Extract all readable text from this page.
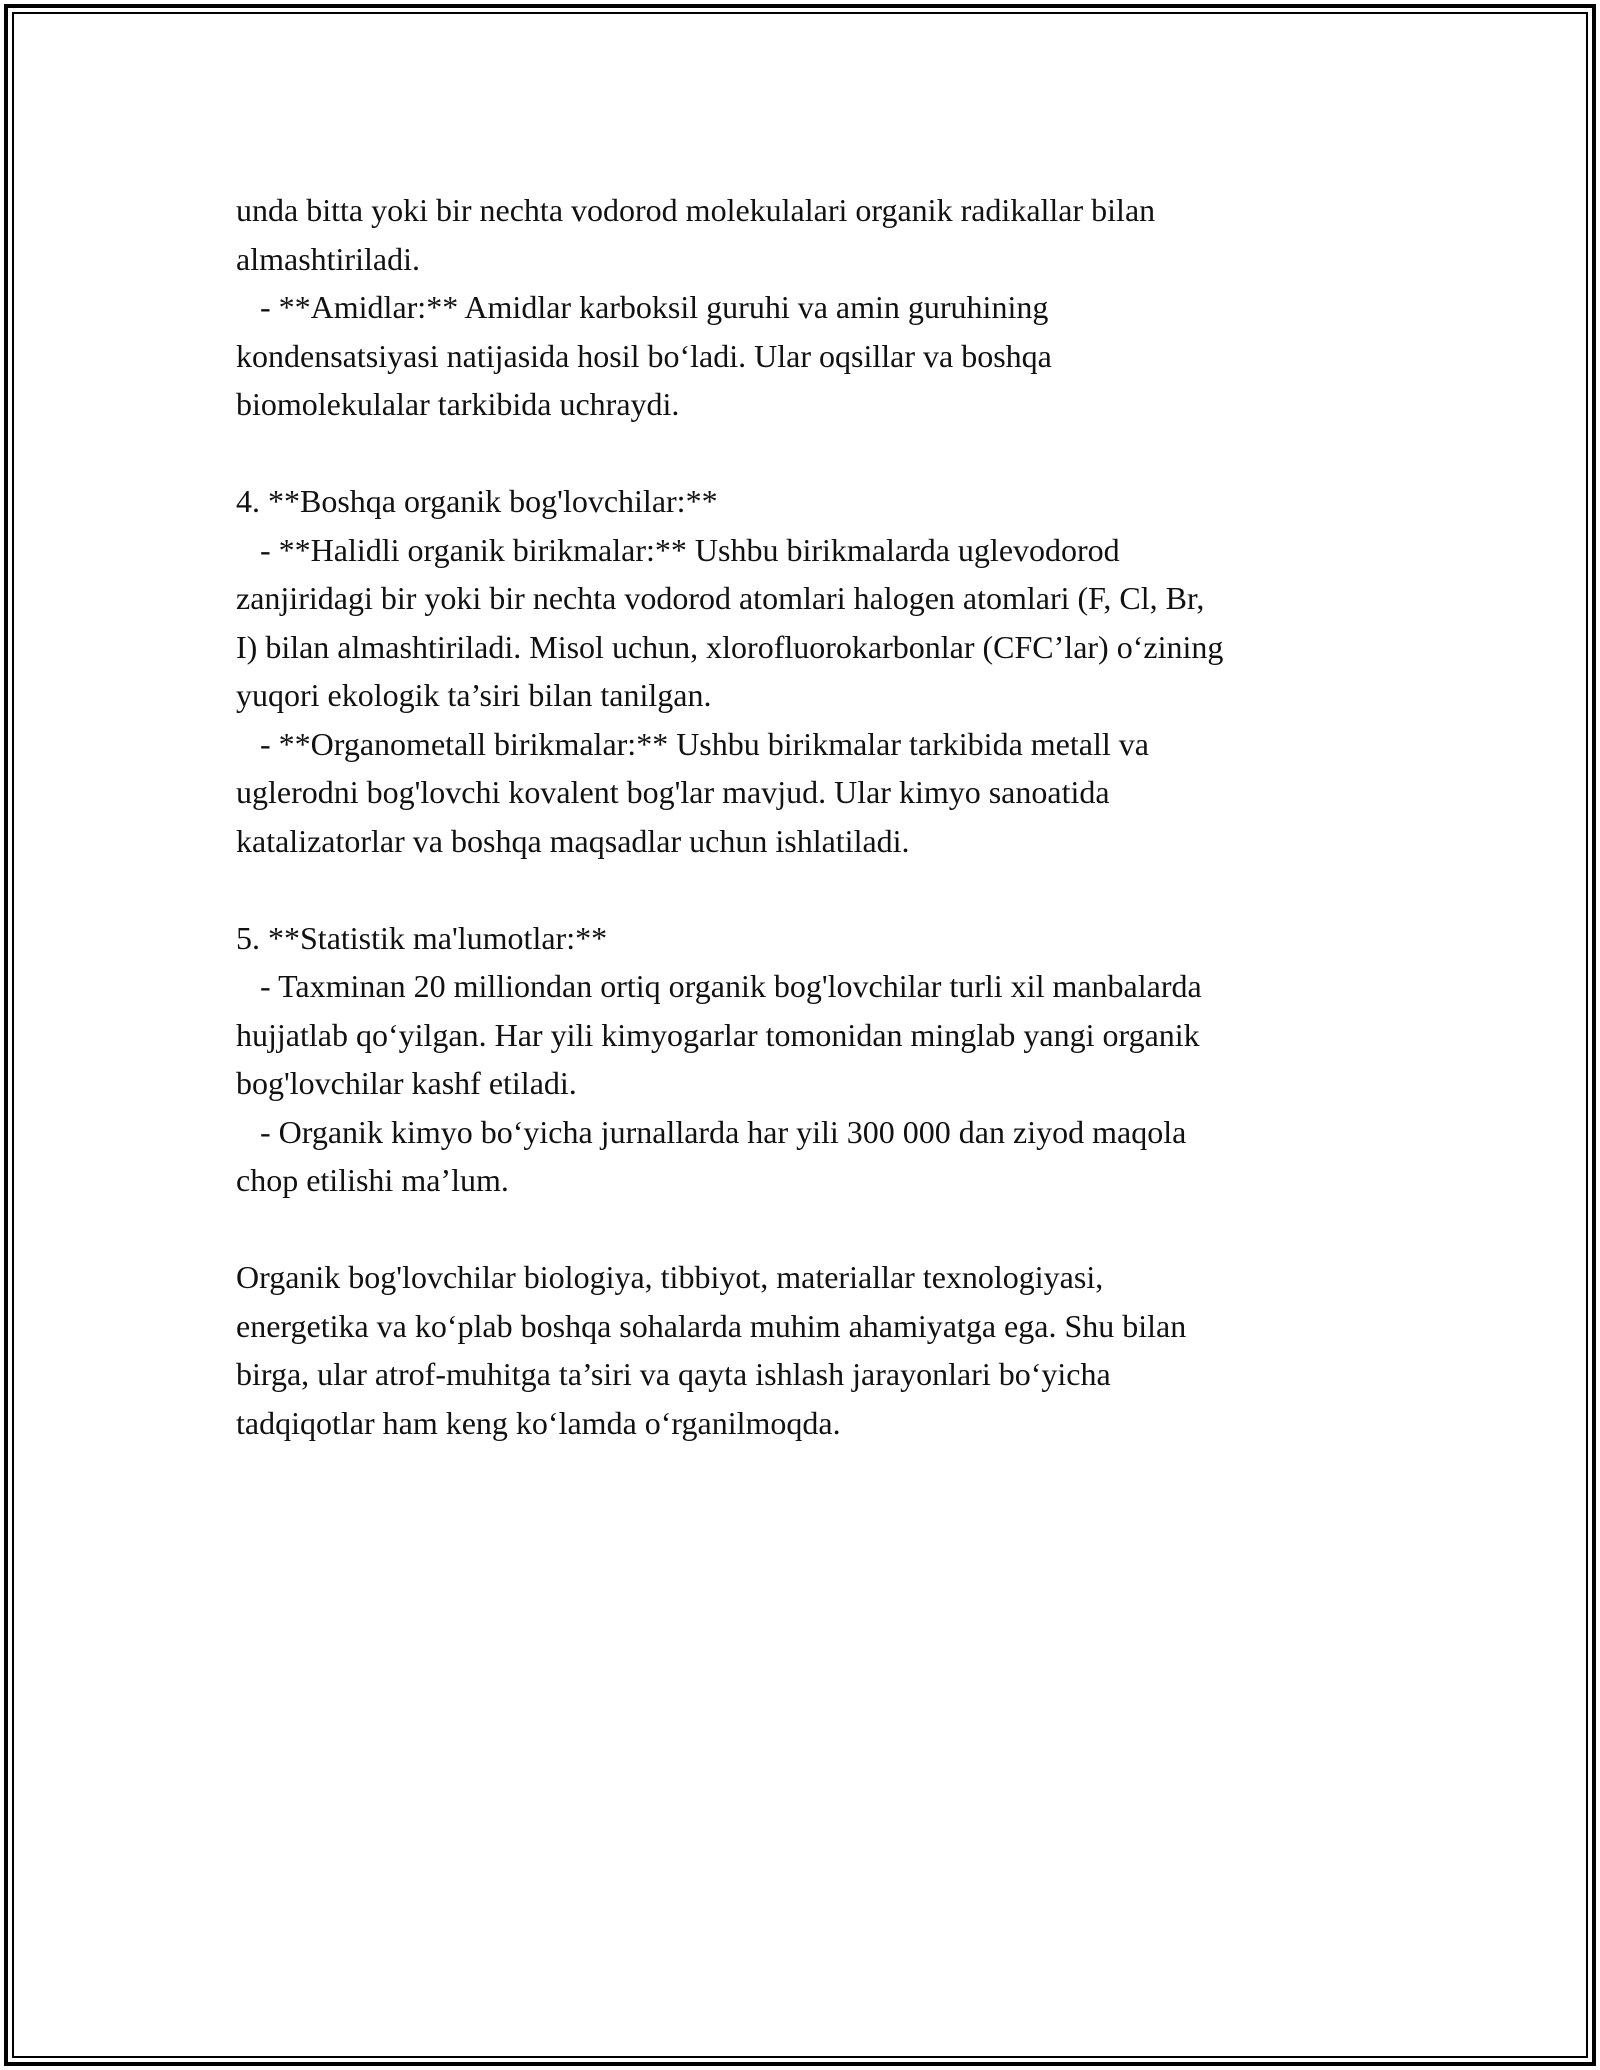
unda bitta yoki bir nechta vodorod molekulalari organik radikallar bilan
almashtiriladi.
- **Amidlar:** Amidlar karboksil guruhi va amin guruhining
kondensatsiyasi natijasida hosil bo‘ladi. Ular oqsillar va boshqa
biomolekulalar tarkibida uchraydi.
4. **Boshqa organik bog'lovchilar:**
- **Halidli organik birikmalar:** Ushbu birikmalarda uglevodorod
zanjiridagi bir yoki bir nechta vodorod atomlari halogen atomlari (F, Cl, Br,
I) bilan almashtiriladi. Misol uchun, xlorofluorokarbonlar (CFC’lar) o‘zining
yuqori ekologik ta’siri bilan tanilgan.
- **Organometall birikmalar:** Ushbu birikmalar tarkibida metall va
uglerodni bog'lovchi kovalent bog'lar mavjud. Ular kimyo sanoatida
katalizatorlar va boshqa maqsadlar uchun ishlatiladi.
5. **Statistik ma'lumotlar:**
- Taxminan 20 milliondan ortiq organik bog'lovchilar turli xil manbalarda
hujjatlab qo‘yilgan. Har yili kimyogarlar tomonidan minglab yangi organik
bog'lovchilar kashf etiladi.
- Organik kimyo bo‘yicha jurnallarda har yili 300 000 dan ziyod maqola
chop etilishi ma’lum.
Organik bog'lovchilar biologiya, tibbiyot, materiallar texnologiyasi,
energetika va ko‘plab boshqa sohalarda muhim ahamiyatga ega. Shu bilan
birga, ular atrof-muhitga ta’siri va qayta ishlash jarayonlari bo‘yicha
tadqiqotlar ham keng ko‘lamda o‘rganilmoqda.
